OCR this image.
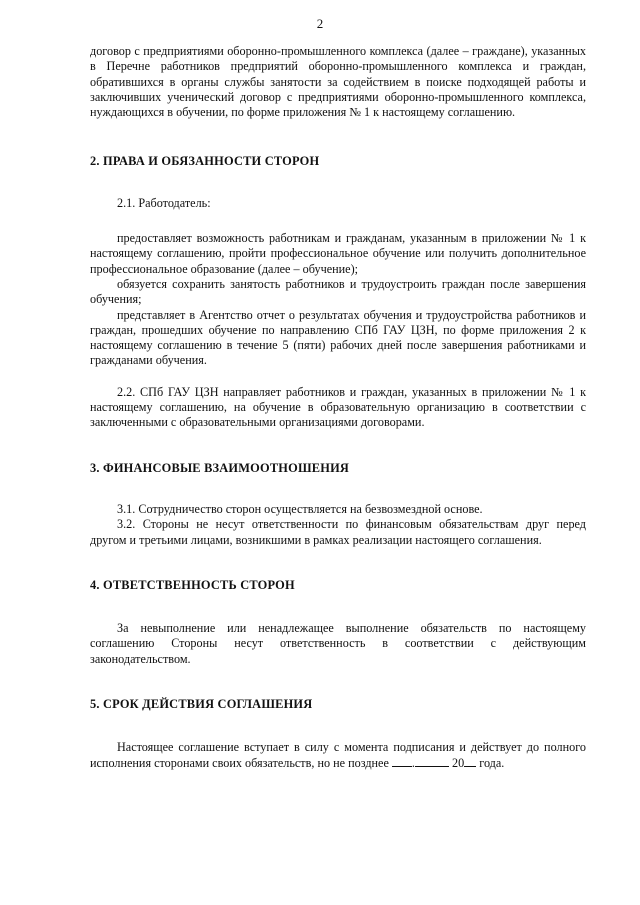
2

договор с предприятиями оборонно-промышленного комплекса (далее – граждане), указанных в Перечне работников предприятий оборонно-промышленного комплекса и граждан, обратившихся в органы службы занятости за содействием в поиске подходящей работы и заключивших ученический договор с предприятиями оборонно-промышленного комплекса, нуждающихся в обучении, по форме приложения № 1 к настоящему соглашению.

2. ПРАВА И ОБЯЗАННОСТИ СТОРОН

2.1. Работодатель:

предоставляет возможность работникам и гражданам, указанным в приложении № 1 к настоящему соглашению, пройти профессиональное обучение или получить дополнительное профессиональное образование (далее – обучение);

обязуется сохранить занятость работников и трудоустроить граждан после завершения обучения;

представляет в Агентство отчет о результатах обучения и трудоустройства работников и граждан, прошедших обучение по направлению СПб ГАУ ЦЗН, по форме приложения 2 к настоящему соглашению в течение 5 (пяти) рабочих дней после завершения работниками и гражданами обучения.

2.2. СПб ГАУ ЦЗН направляет работников и граждан, указанных в приложении № 1 к настоящему соглашению, на обучение в образовательную организацию в соответствии с заключенными с образовательными организациями договорами.

3. ФИНАНСОВЫЕ ВЗАИМООТНОШЕНИЯ

3.1. Сотрудничество сторон осуществляется на безвозмездной основе.

3.2. Стороны не несут ответственности по финансовым обязательствам друг перед другом и третьими лицами, возникшими в рамках реализации настоящего соглашения.

4. ОТВЕТСТВЕННОСТЬ СТОРОН

За невыполнение или ненадлежащее выполнение обязательств по настоящему соглашению Стороны несут ответственность в соответствии с действующим законодательством.

5. СРОК ДЕЙСТВИЯ СОГЛАШЕНИЯ

Настоящее соглашение вступает в силу с момента подписания и действует до полного исполнения сторонами своих обязательств, но не позднее .	20 года.
